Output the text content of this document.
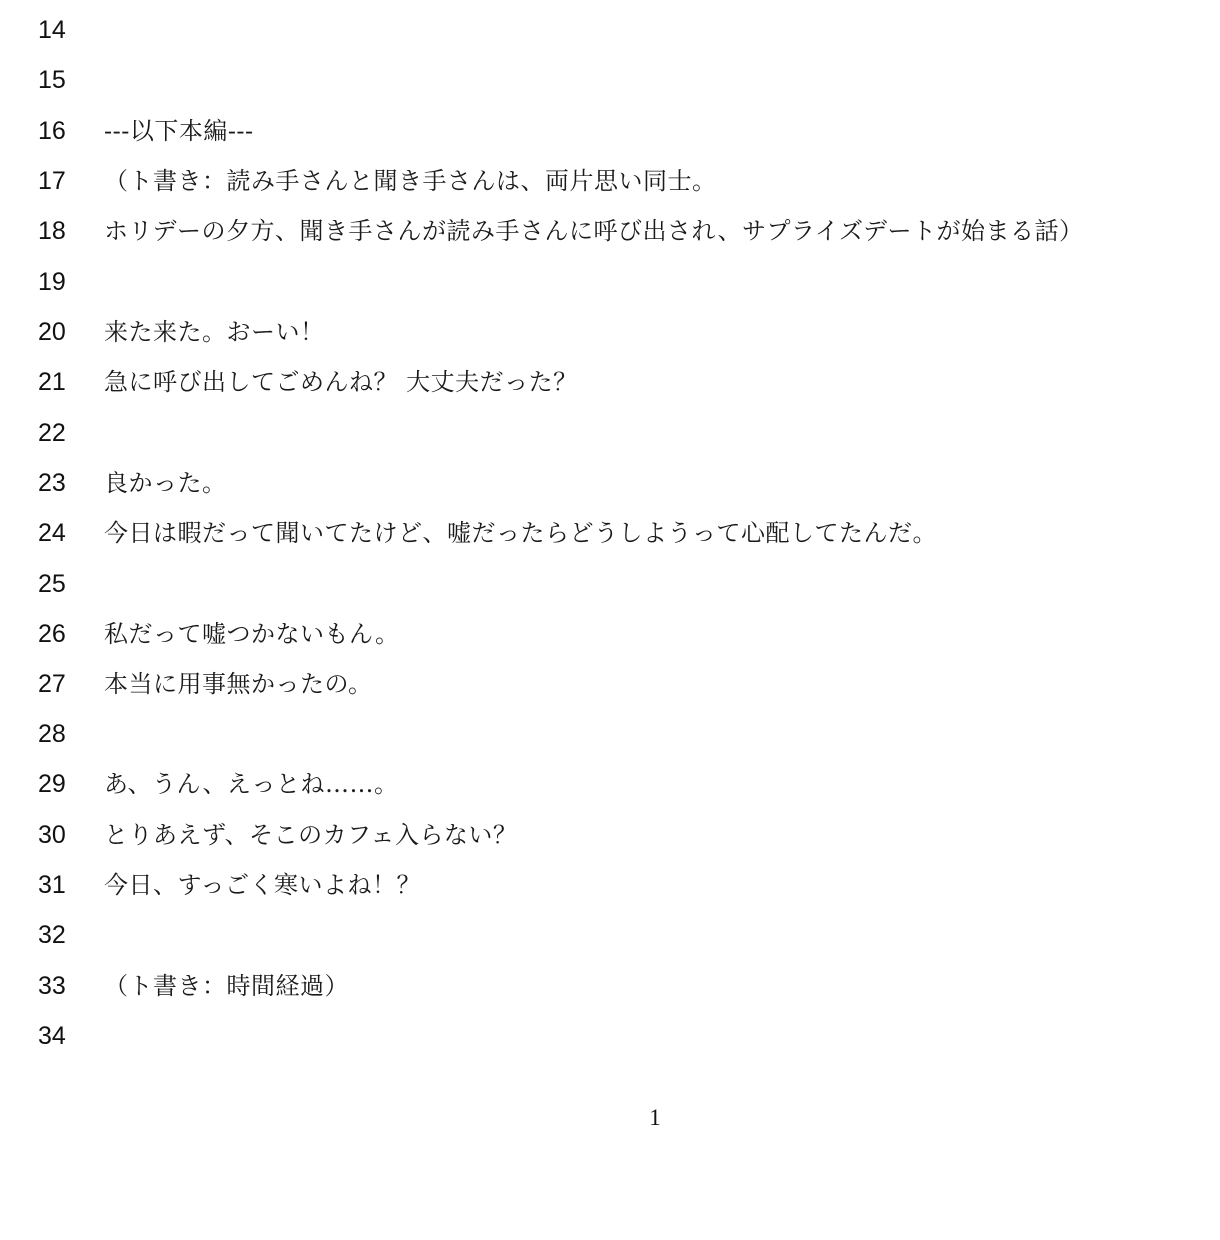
14
15
16	---以下本編---
17	（ト書き：読み手さんと聞き手さんは、両片思い同士。
18	ホリデーの夕方、聞き手さんが読み手さんに呼び出され、サプライズデートが始まる話）
19
20	来た来た。おーい！
21	急に呼び出してごめんね？ 大丈夫だった？
22
23	良かった。
24	今日は暇だって聞いてたけど、嘘だったらどうしようって心配してたんだ。
25
26	私だって嘘つかないもん。
27	本当に用事無かったの。
28
29	あ、うん、えっとね……。
30	とりあえず、そこのカフェ入らない？
31	今日、すっごく寒いよね！？
32
33	（ト書き：時間経過）
34
1
